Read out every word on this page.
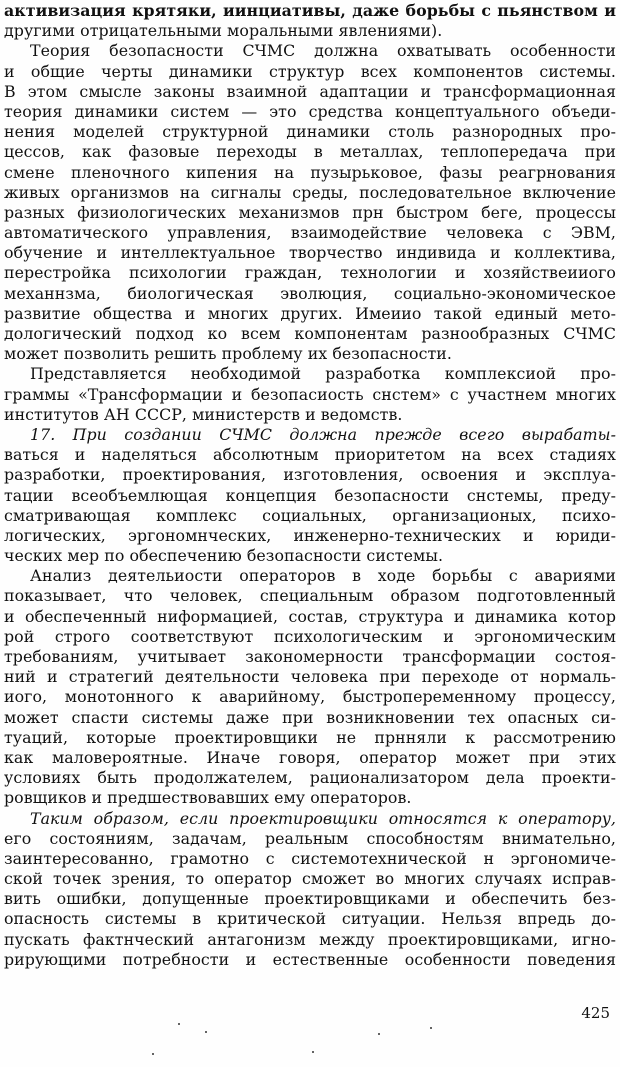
активизация крятяки, иинциативы, даже борьбы с пьянством и
другими отрицательными моральными явлениями).
Теория безопасности СЧМС должна охватывать особенности
и общие черты динамики структур всех компонентов системы.
В этом смысле законы взаимной адаптации и трансформационная
теория динамики систем — это средства концептуального объеди-
нения моделей структурной динамики столь разнородных про-
цессов, как фазовые переходы в металлах, теплопередача при
смене пленочного кипения на пузырьковое, фазы реагрнования
живых организмов на сигналы среды, последовательное включение
разных физиологических механизмов прн быстром беге, процессы
автоматического управления, взаимодействие человека с ЭВМ,
обучение и интеллектуальное творчество индивида и коллектива,
перестройка психологии граждан, технологии и хозяйствеииого
механнзма, биологическая эволюция, социально-экономическое
развитие общества и многих других. Имеиио такой единый мето-
дологический подход ко всем компонентам разнообразных СЧМС
может позволить решить проблему их безопасности.
Представляется необходимой разработка комплексиой про-
граммы «Трансформации и безопасиость снстем» с участнем многих
институтов АН СССР, министерств и ведомств.
17. При создании СЧМС должна прежде всего вырабаты-
ваться и наделяться абсолютным приоритетом на всех стадиях
разработки, проектирования, изготовления, освоения и эксплуа-
тации всеобъемлющая концепция безопасности снстемы, преду-
сматривающая комплекс социальных, организационых, психо-
логических, эргономнческих, инженерно-технических и юриди-
ческих мер по обеспечению безопасности системы.
Анализ деятельиости операторов в ходе борьбы с авариями
показывает, что человек, специальным образом подготовленный
и обеспеченный ниформацией, состав, структура и динамика котор
рой строго соответствуют психологическим и эргономическим
требованиям, учитывает закономерности трансформации состоя-
ний и стратегий деятельности человека при переходе от нормаль-
иого, монотонного к аварийному, быстропеременному процессу,
может спасти системы даже при возникновении тех опасных си-
туаций, которые проектировщики не прнняли к рассмотрению
как маловероятные. Иначе говоря, оператор может при этих
условиях быть продолжателем, рационализатором дела проекти-
ровщиков и предшествовавших ему операторов.
Таким образом, если проектировщики относятся к оператору,
его состояниям, задачам, реальным способностям внимательно,
заинтересованно, грамотно с системотехнической н эргономиче-
ской точек зрения, то оператор сможет во многих случаях исправ-
вить ошибки, допущенные проектировщиками и обеспечить без-
опасность системы в критической ситуации. Нельзя впредь до-
пускать фактнческий антагонизм между проектировщиками, игно-
рирующими потребности и естественные особенности поведения
425
